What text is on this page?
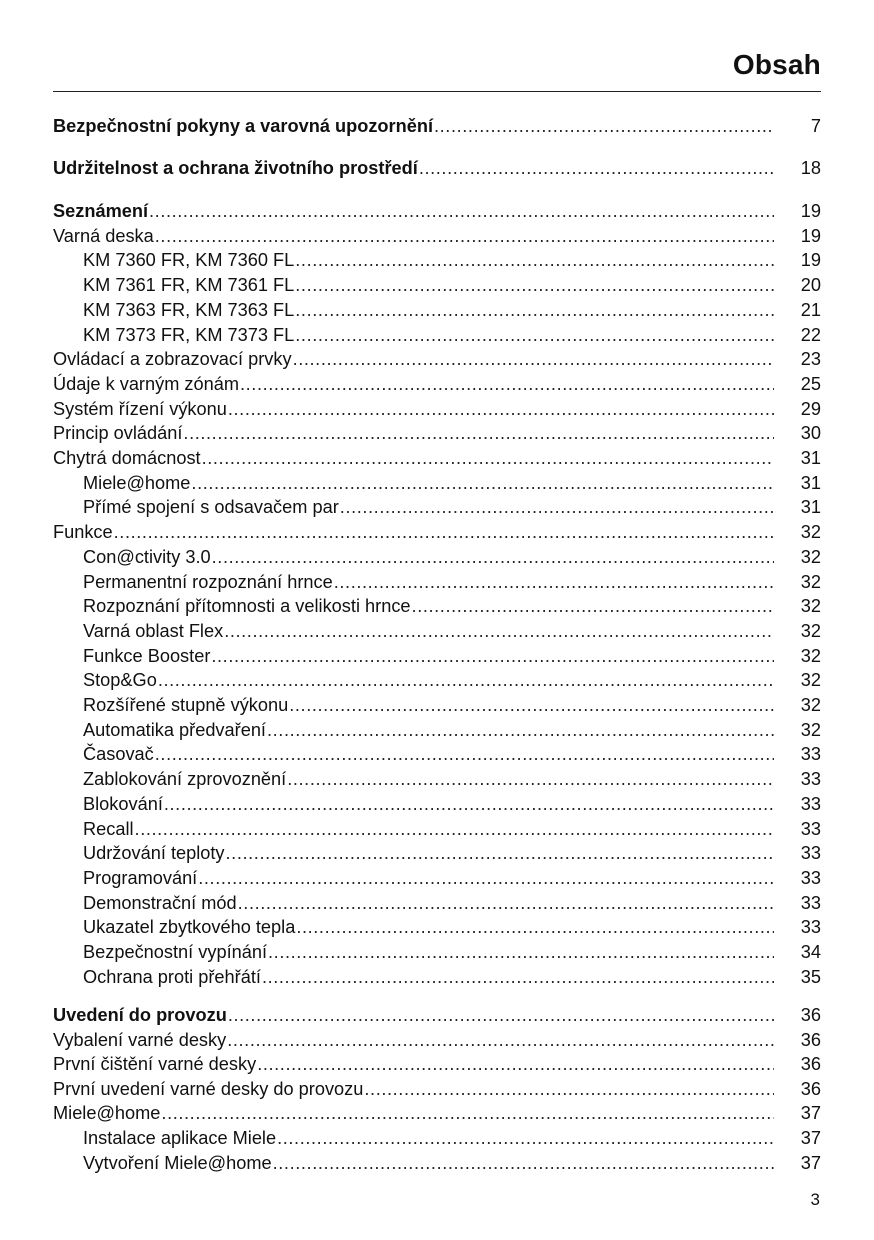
Obsah
Bezpečnostní pokyny a varovná upozornění .....	7
Udržitelnost a ochrana životního prostředí .....	18
Seznámení .....	19
Varná deska .....	19
KM 7360 FR, KM 7360 FL .....	19
KM 7361 FR, KM 7361 FL .....	20
KM 7363 FR, KM 7363 FL .....	21
KM 7373 FR, KM 7373 FL .....	22
Ovládací a zobrazovací prvky .....	23
Údaje k varným zónám .....	25
Systém řízení výkonu .....	29
Princip ovládání .....	30
Chytrá domácnost .....	31
Miele@home .....	31
Přímé spojení s odsavačem par .....	31
Funkce .....	32
Con@ctivity 3.0 .....	32
Permanentní rozpoznání hrnce .....	32
Rozpoznání přítomnosti a velikosti hrnce .....	32
Varná oblast Flex .....	32
Funkce Booster .....	32
Stop&Go .....	32
Rozšířené stupně výkonu .....	32
Automatika předvaření .....	32
Časovač .....	33
Zablokování zprovoznění .....	33
Blokování .....	33
Recall .....	33
Udržování teploty .....	33
Programování .....	33
Demonstrační mód .....	33
Ukazatel zbytkového tepla .....	33
Bezpečnostní vypínání .....	34
Ochrana proti přehřátí .....	35
Uvedení do provozu .....	36
Vybalení varné desky .....	36
První čištění varné desky .....	36
První uvedení varné desky do provozu .....	36
Miele@home .....	37
Instalace aplikace Miele .....	37
Vytvoření Miele@home .....	37
3
